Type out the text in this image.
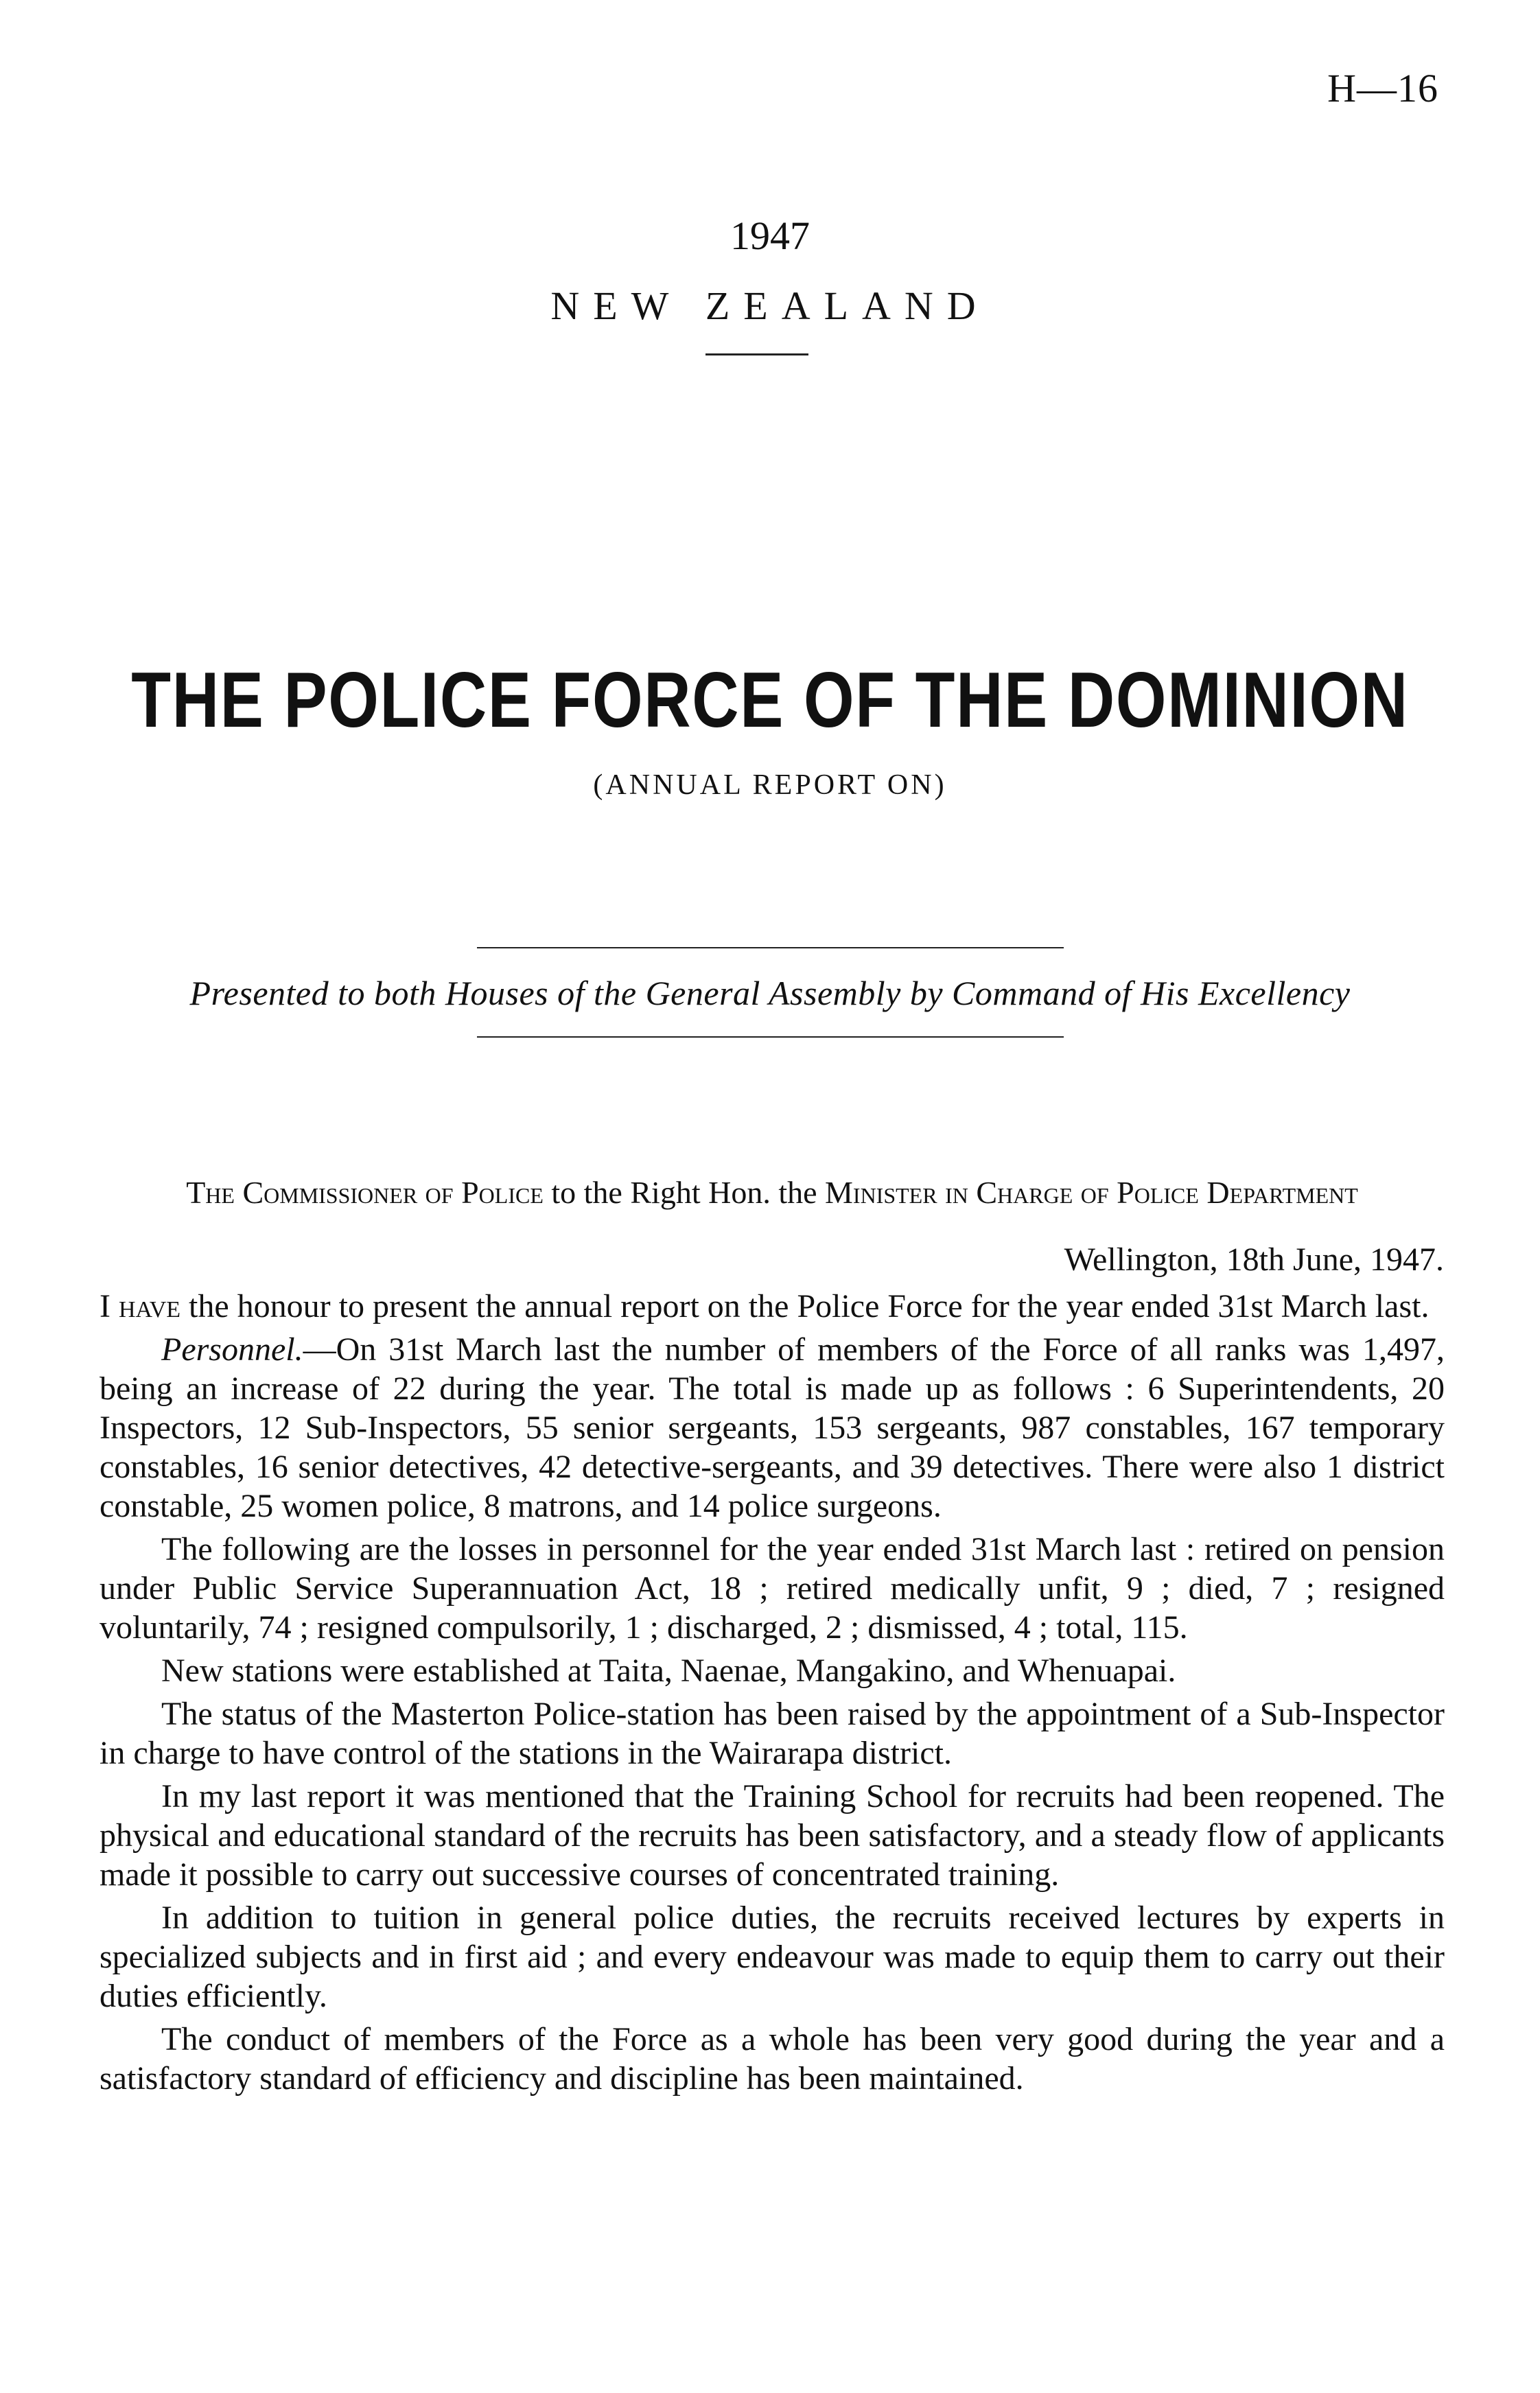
H—16
1947
NEW ZEALAND
THE POLICE FORCE OF THE DOMINION
(ANNUAL REPORT ON)
Presented to both Houses of the General Assembly by Command of His Excellency
The Commissioner of Police to the Right Hon. the Minister in Charge of Police Department
Wellington, 18th June, 1947.

I have the honour to present the annual report on the Police Force for the year ended 31st March last.

Personnel.—On 31st March last the number of members of the Force of all ranks was 1,497, being an increase of 22 during the year. The total is made up as follows : 6 Superintendents, 20 Inspectors, 12 Sub-Inspectors, 55 senior sergeants, 153 sergeants, 987 constables, 167 temporary constables, 16 senior detectives, 42 detective-sergeants, and 39 detectives. There were also 1 district constable, 25 women police, 8 matrons, and 14 police surgeons.

The following are the losses in personnel for the year ended 31st March last : retired on pension under Public Service Superannuation Act, 18 ; retired medically unfit, 9 ; died, 7 ; resigned voluntarily, 74 ; resigned compulsorily, 1 ; discharged, 2 ; dismissed, 4 ; total, 115.

New stations were established at Taita, Naenae, Mangakino, and Whenuapai.

The status of the Masterton Police-station has been raised by the appointment of a Sub-Inspector in charge to have control of the stations in the Wairarapa district.

In my last report it was mentioned that the Training School for recruits had been reopened. The physical and educational standard of the recruits has been satisfactory, and a steady flow of applicants made it possible to carry out successive courses of concentrated training.

In addition to tuition in general police duties, the recruits received lectures by experts in specialized subjects and in first aid ; and every endeavour was made to equip them to carry out their duties efficiently.

The conduct of members of the Force as a whole has been very good during the year and a satisfactory standard of efficiency and discipline has been maintained.
